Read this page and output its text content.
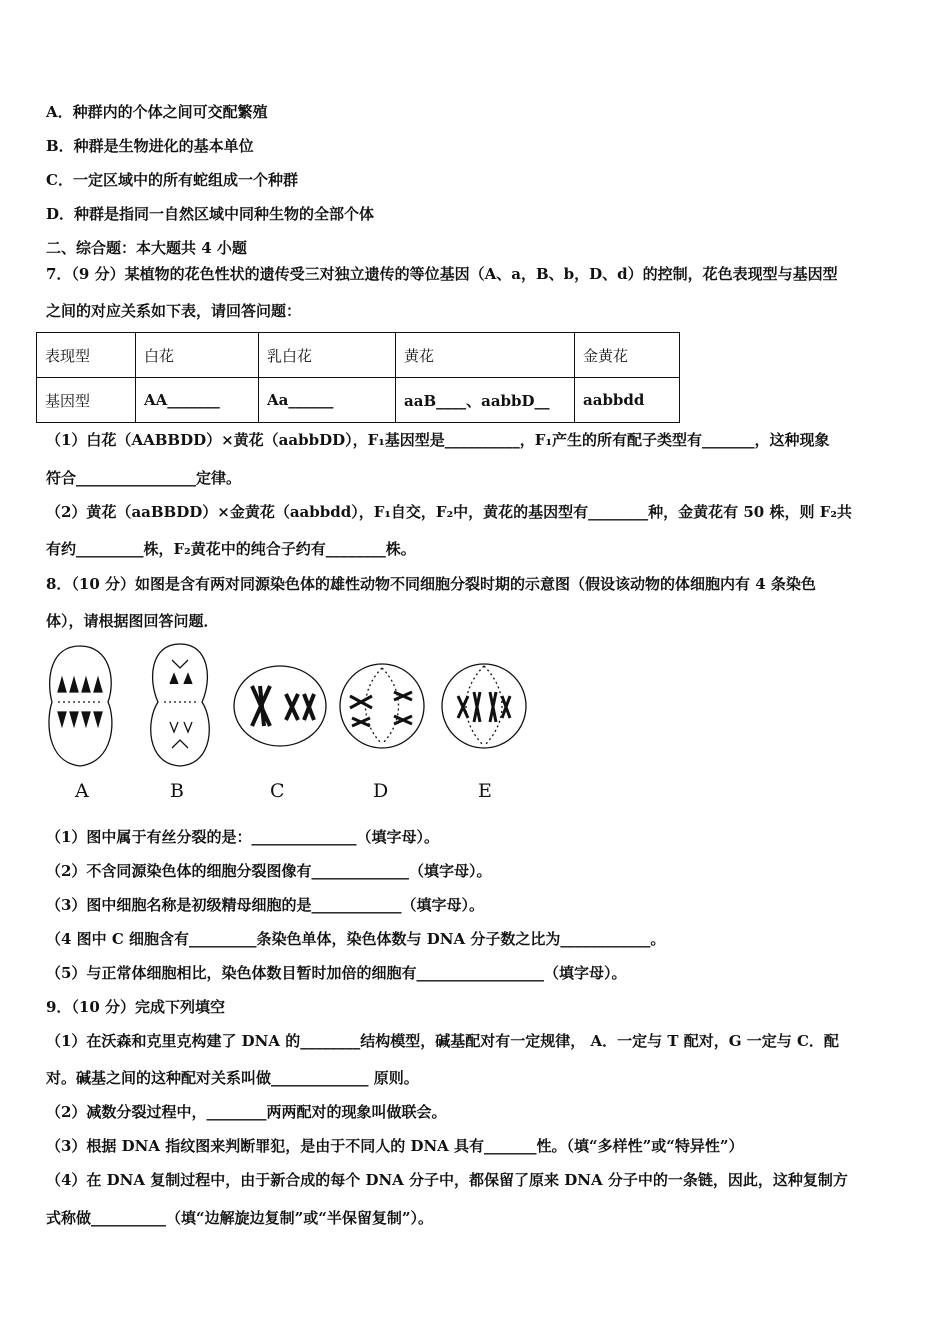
A．种群内的个体之间可交配繁殖
B．种群是生物进化的基本单位
C．一定区域中的所有蛇组成一个种群
D．种群是指同一自然区域中同种生物的全部个体
二、综合题：本大题共 4 小题
7．（9 分）某植物的花色性状的遗传受三对独立遗传的等位基因（A、a，B、b，D、d）的控制，花色表现型与基因型
之间的对应关系如下表，请回答问题：
表现型	白花	乳白花	黄花	金黄花
基因型	AA_______	Aa______	aaB____、aabbD__	aabbdd
（1）白花（AABBDD）×黄花（aabbDD），F₁基因型是__________，F₁产生的所有配子类型有_______，这种现象
符合________________定律。
（2）黄花（aaBBDD）×金黄花（aabbdd），F₁自交，F₂中，黄花的基因型有________种，金黄花有 50 株，则 F₂共
有约_________株，F₂黄花中的纯合子约有________株。
8．（10 分）如图是含有两对同源染色体的雄性动物不同细胞分裂时期的示意图（假设该动物的体细胞内有 4 条染色
体），请根据图回答问题．
A	B	C	D	E
（1）图中属于有丝分裂的是：______________（填字母）。
（2）不含同源染色体的细胞分裂图像有_____________（填字母）。
（3）图中细胞名称是初级精母细胞的是____________（填字母）。
（4 图中 C 细胞含有_________条染色单体，染色体数与 DNA 分子数之比为____________。
（5）与正常体细胞相比，染色体数目暂时加倍的细胞有_________________（填字母）。
9．（10 分）完成下列填空
（1）在沃森和克里克构建了 DNA 的________结构模型，碱基配对有一定规律， A．一定与 T 配对，G 一定与 C．配
对。碱基之间的这种配对关系叫做_____________ 原则。
（2）减数分裂过程中，________两两配对的现象叫做联会。
（3）根据 DNA 指纹图来判断罪犯，是由于不同人的 DNA 具有_______性。（填“多样性”或“特异性”）
（4）在 DNA 复制过程中，由于新合成的每个 DNA 分子中，都保留了原来 DNA 分子中的一条链，因此，这种复制方
式称做__________（填“边解旋边复制”或“半保留复制”）。
